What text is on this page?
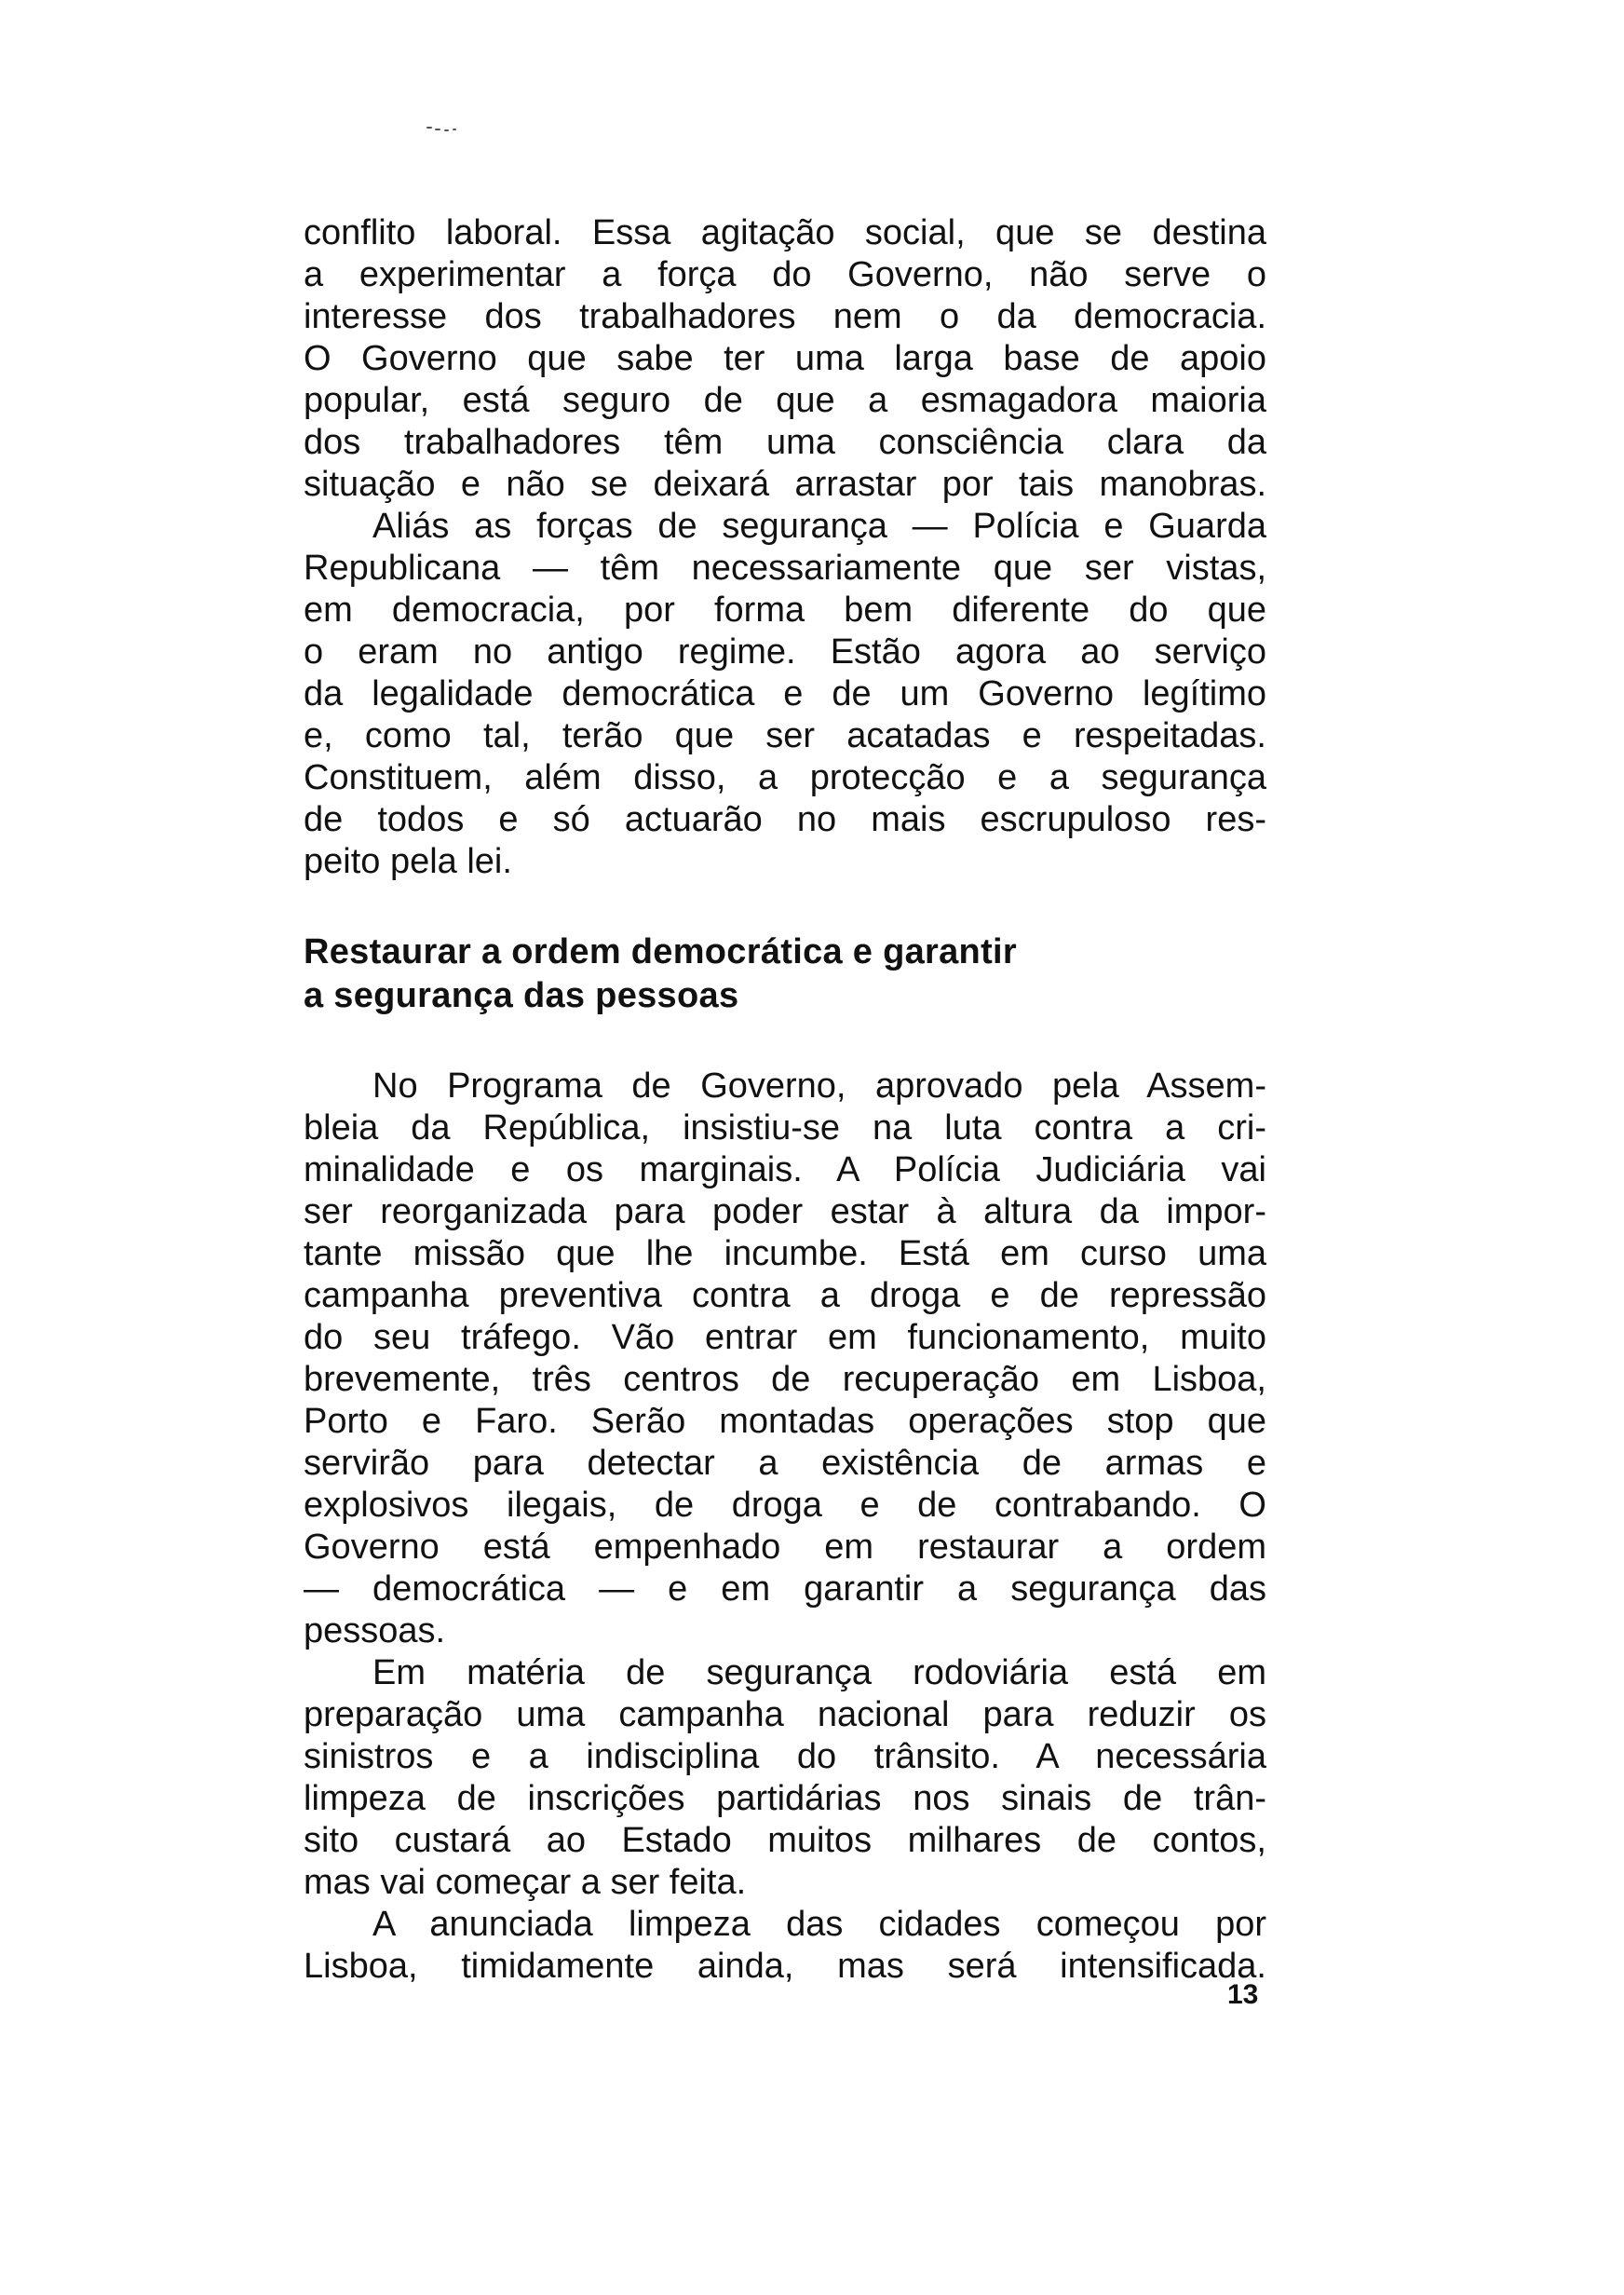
conflito laboral. Essa agitação social, que se destina
a experimentar a força do Governo, não serve o
interesse dos trabalhadores nem o da democracia.
O Governo que sabe ter uma larga base de apoio
popular, está seguro de que a esmagadora maioria
dos trabalhadores têm uma consciência clara da
situação e não se deixará arrastar por tais manobras.
Aliás as forças de segurança — Polícia e Guarda
Republicana — têm necessariamente que ser vistas,
em democracia, por forma bem diferente do que
o eram no antigo regime. Estão agora ao serviço
da legalidade democrática e de um Governo legítimo
e, como tal, terão que ser acatadas e respeitadas.
Constituem, além disso, a protecção e a segurança
de todos e só actuarão no mais escrupuloso res-
peito pela lei.
Restaurar a ordem democrática e garantir
a segurança das pessoas
No Programa de Governo, aprovado pela Assem-
bleia da República, insistiu-se na luta contra a cri-
minalidade e os marginais. A Polícia Judiciária vai
ser reorganizada para poder estar à altura da impor-
tante missão que lhe incumbe. Está em curso uma
campanha preventiva contra a droga e de repressão
do seu tráfego. Vão entrar em funcionamento, muito
brevemente, três centros de recuperação em Lisboa,
Porto e Faro. Serão montadas operações stop que
servirão para detectar a existência de armas e
explosivos ilegais, de droga e de contrabando. O
Governo está empenhado em restaurar a ordem
— democrática — e em garantir a segurança das
pessoas.
Em matéria de segurança rodoviária está em
preparação uma campanha nacional para reduzir os
sinistros e a indisciplina do trânsito. A necessária
limpeza de inscrições partidárias nos sinais de trân-
sito custará ao Estado muitos milhares de contos,
mas vai começar a ser feita.
A anunciada limpeza das cidades começou por
Lisboa, timidamente ainda, mas será intensificada.
13
